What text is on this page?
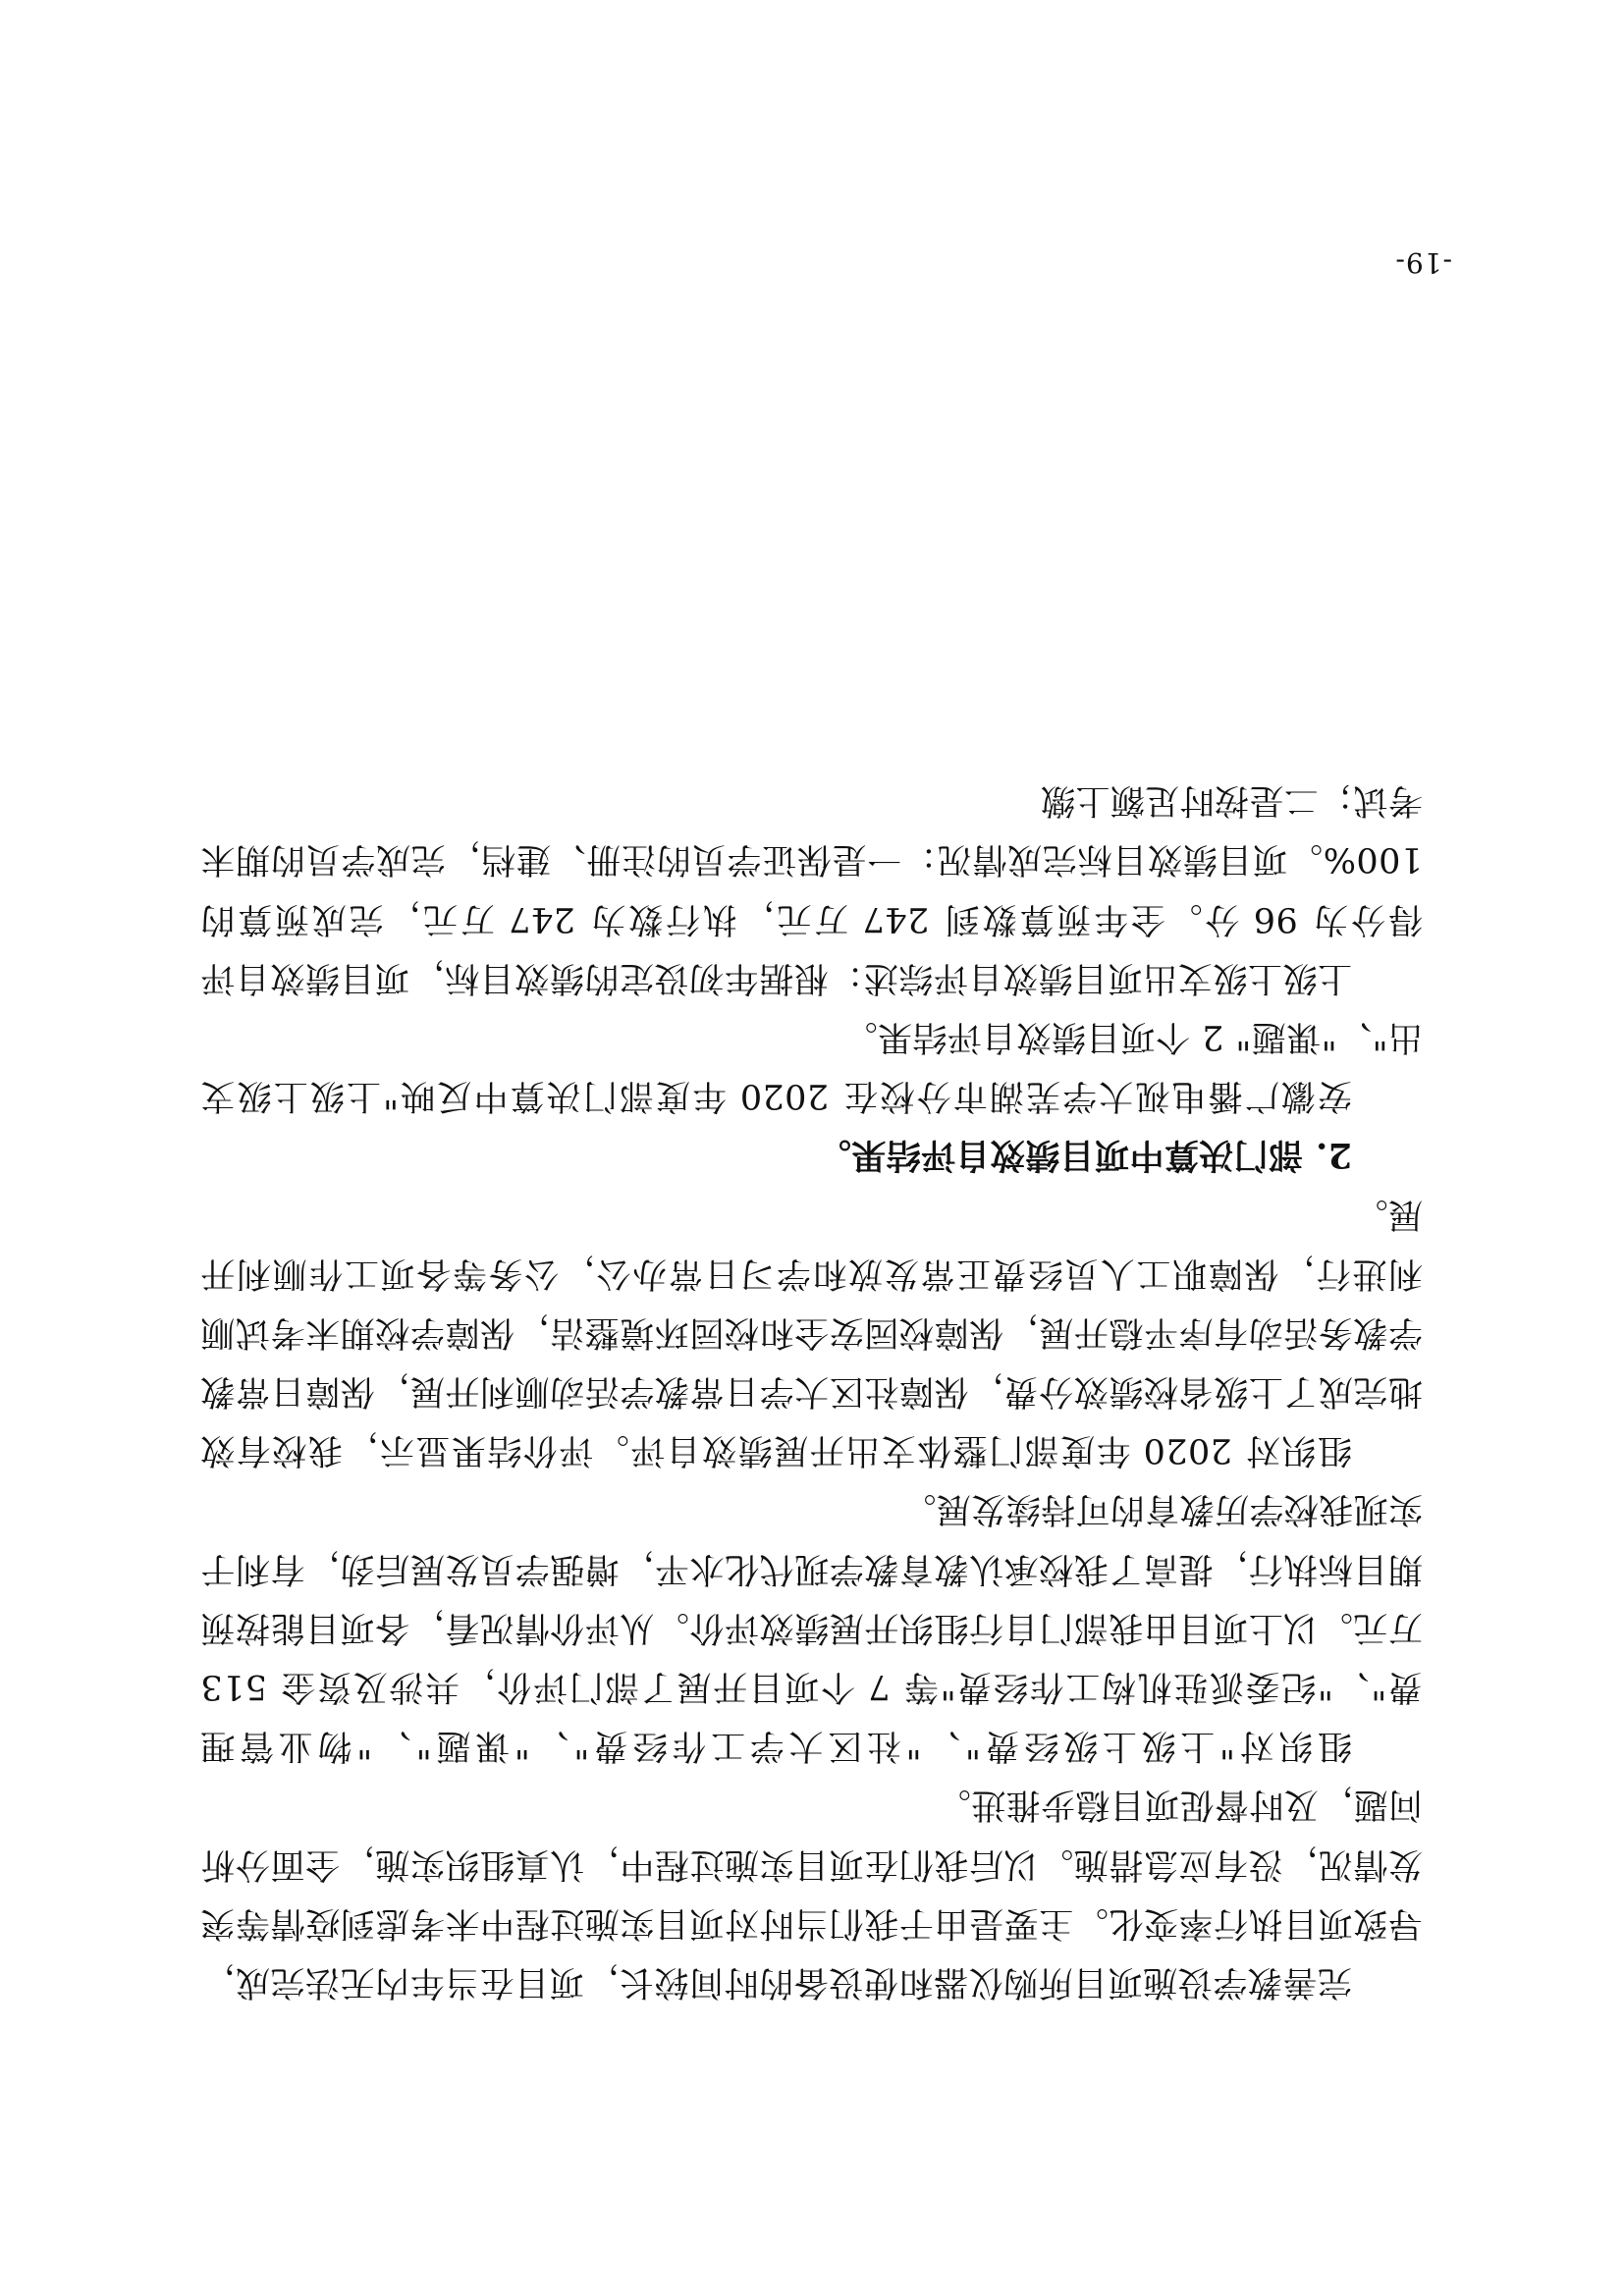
完善教学设施项目所购仪器和使设备的时间较长，项目在当年内无法完成，导致项目执行率变化。主要是由于我们当时对项目实施过程中未考虑到疫情等突发情况，没有应急措施。以后我们在项目实施过程中，认真组织实施，全面分析问题，及时督促项目稳步推进。

组织对"上级上级经费"、"社区大学工作经费"、"课题"、"物业管理费"、"纪委派驻机构工作经费"等 7 个项目开展了部门评价，共涉及资金 513 万元。以上项目由我部门自行组织开展绩效评价。从评价情况看，各项目能按预期目标执行，提高了我校承认教育教学现代化水平，增强学员发展后劲，有利于实现我校学历教育的可持续发展。

组织对 2020 年度部门整体支出开展绩效自评。评价结果显示，我校有效地完成了上级省校绩效分费，保障社区大学日常教学活动顺利开展，保障日常教学教务活动有序平稳开展，保障校园安全和校园环境整洁，保障学校期末考试顺利进行，保障职工人员经费正常发放和学习日常办公，公务等各项工作顺利开展。

2. 部门决算中项目绩效自评结果。

安徽广播电视大学芜湖市分校在 2020 年度部门决算中反映"上级上级支出"、"课题" 2 个项目绩效自评结果。

上级上级支出项目绩效自评综述：根据年初设定的绩效目标，项目绩效自评得分为 96 分。全年预算数到 247 万元，执行数为 247 万元，完成预算的 100%。项目绩效目标完成情况：一是保证学员的注册、建档，完成学员的期末考试；二是按时足额上缴

-19-
